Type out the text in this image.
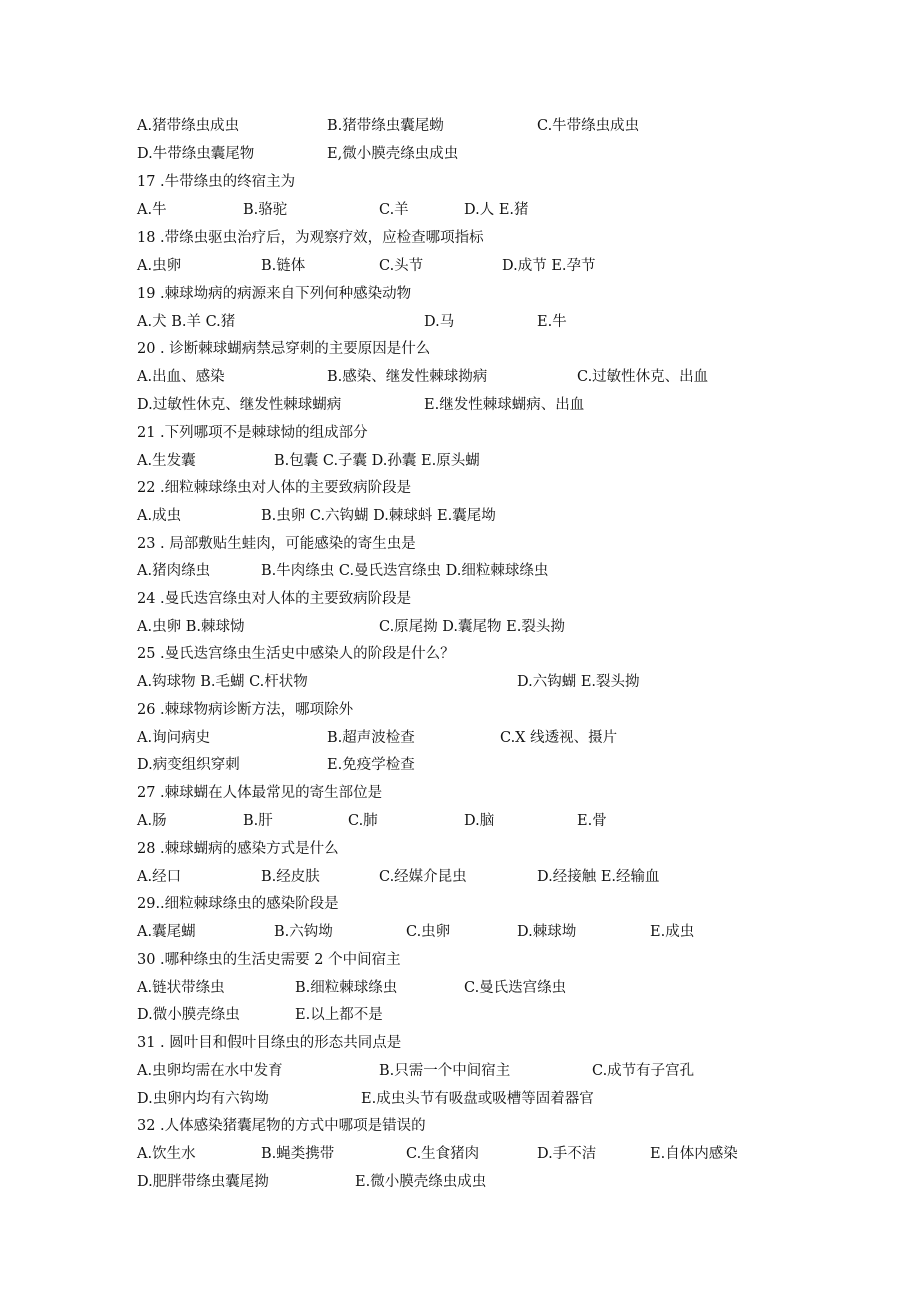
A.猪带绦虫成虫	B.猪带绦虫囊尾蚴	C.牛带绦虫成虫
D.牛带绦虫囊尾物	E,微小膜壳绦虫成虫
17 .牛带绦虫的终宿主为
A.牛	B.骆驼	C.羊	D.人 E.猪
18 .带绦虫驱虫治疗后，为观察疗效，应检查哪项指标
A.虫卵	B.链体	C.头节	D.成节 E.孕节
19 .棘球坳病的病源来自下列何种感染动物
A.犬 B.羊 C.猪	D.马	E.牛
20 . 诊断棘球蝴病禁忌穿刺的主要原因是什么
A.出血、感染	B.感染、继发性棘球拗病	C.过敏性休克、出血
D.过敏性休克、继发性棘球蝴病	E.继发性棘球蝴病、出血
21 .下列哪项不是棘球恸的组成部分
A.生发囊	B.包囊 C.子囊 D.孙囊 E.原头蝴
22 .细粒棘球绦虫对人体的主要致病阶段是
A.成虫	B.虫卵 C.六钩蝴 D.棘球蚪 E.囊尾坳
23 . 局部敷贴生蛙肉，可能感染的寄生虫是
A.猪肉绦虫	B.牛肉绦虫 C.曼氏迭宫绦虫 D.细粒棘球绦虫
24 .曼氏迭宫绦虫对人体的主要致病阶段是
A.虫卵 B.棘球恸	C.原尾拗 D.囊尾物 E.裂头拗
25 .曼氏迭宫绦虫生活史中感染人的阶段是什么？
A.钩球物 B.毛蝴 C.杆状物	D.六钩蝴 E.裂头拗
26 .棘球物病诊断方法，哪项除外
A.询问病史	B.超声波检查	C.X 线透视、摄片
D.病变组织穿刺	E.免疫学检查
27 .棘球蝴在人体最常见的寄生部位是
A.肠	B.肝	C.肺	D.脑	E.骨
28 .棘球蝴病的感染方式是什么
A.经口	B.经皮肤	C.经媒介昆虫	D.经接触 E.经输血
29..细粒棘球绦虫的感染阶段是
A.囊尾蝴	B.六钩坳	C.虫卵	D.棘球坳	E.成虫
30 .哪种绦虫的生活史需要 2 个中间宿主
A.链状带绦虫	B.细粒棘球绦虫	C.曼氏迭宫绦虫
D.微小膜壳绦虫	E.以上都不是
31 . 圆叶目和假叶目绦虫的形态共同点是
A.虫卵均需在水中发育	B.只需一个中间宿主	C.成节有子宫孔
D.虫卵内均有六钩坳	E.成虫头节有吸盘或吸槽等固着器官
32 .人体感染猪囊尾物的方式中哪项是错误的
A.饮生水	B.蝇类携带	C.生食猪肉	D.手不洁	E.自体内感染
D.肥胖带绦虫囊尾拗	E.微小膜壳绦虫成虫
